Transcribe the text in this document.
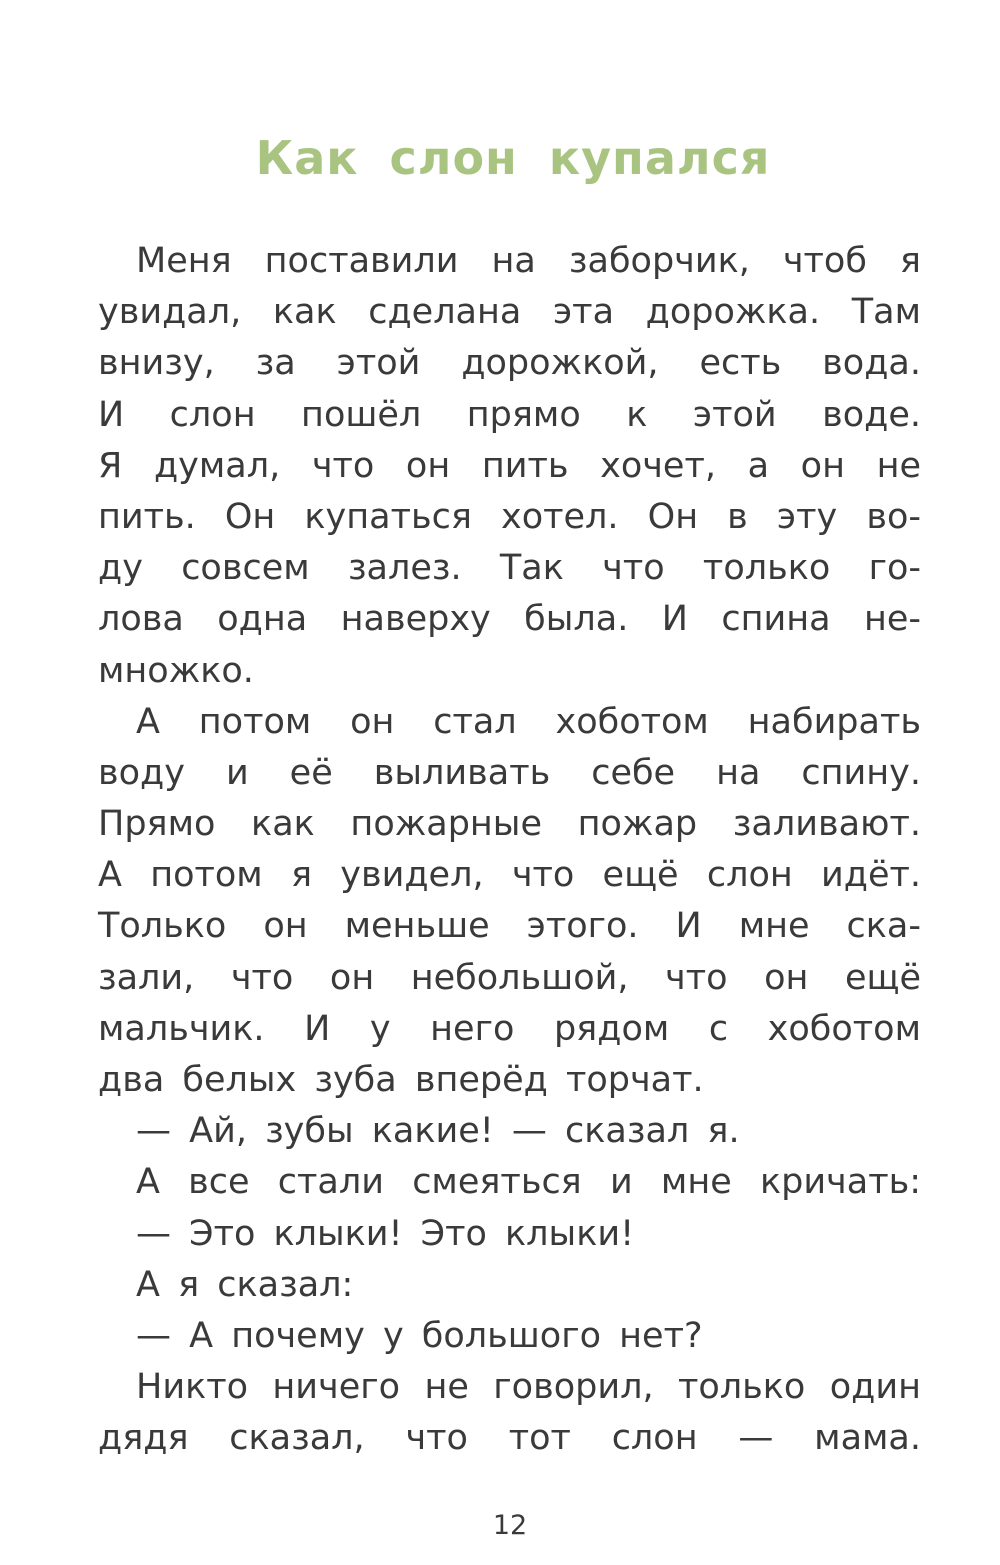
Как слон купался
Меня поставили на заборчик, чтоб я
увидал, как сделана эта дорожка. Там
внизу, за этой дорожкой, есть вода.
И слон пошёл прямо к этой воде.
Я думал, что он пить хочет, а он не
пить. Он купаться хотел. Он в эту во-
ду совсем залез. Так что только го-
лова одна наверху была. И спина не-
множко.
А потом он стал хоботом набирать
воду и её выливать себе на спину.
Прямо как пожарные пожар заливают.
А потом я увидел, что ещё слон идёт.
Только он меньше этого. И мне ска-
зали, что он небольшой, что он ещё
мальчик. И у него рядом с хоботом
два белых зуба вперёд торчат.
— Ай, зубы какие! — сказал я.
А все стали смеяться и мне кричать:
— Это клыки! Это клыки!
А я сказал:
— А почему у большого нет?
Никто ничего не говорил, только один
дядя сказал, что тот слон — мама.
12
